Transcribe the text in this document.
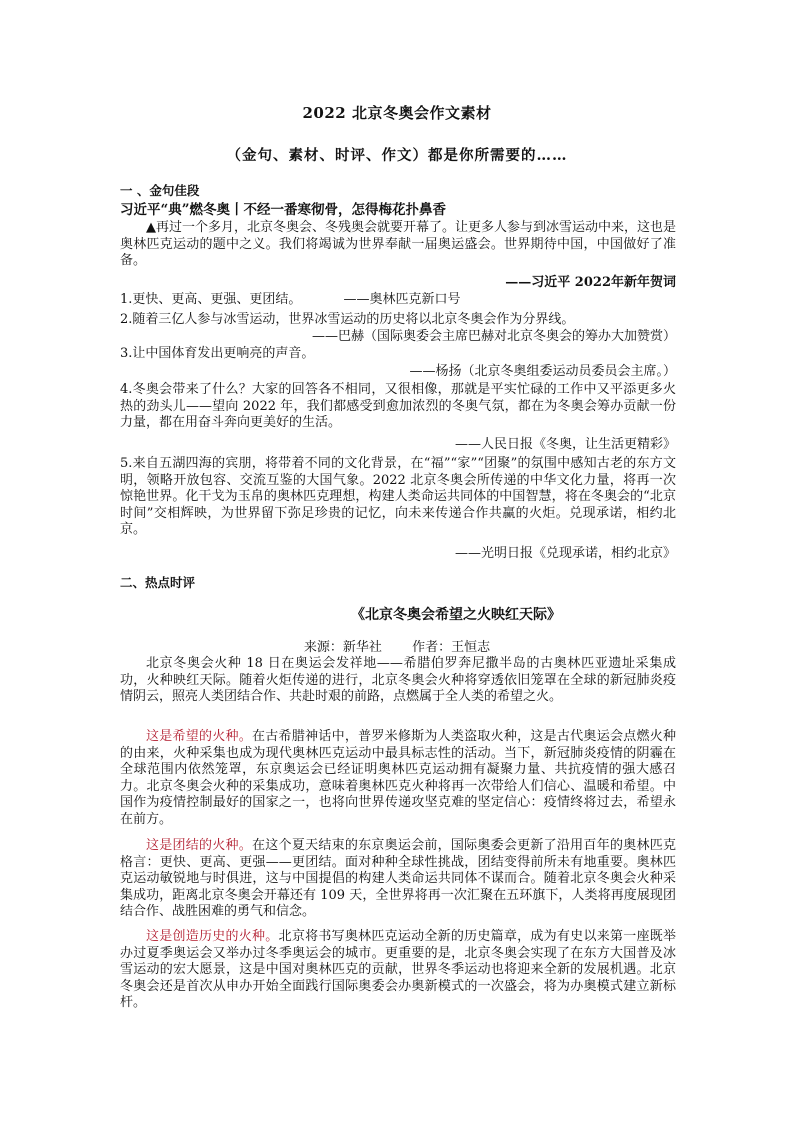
2022 北京冬奥会作文素材
（金句、素材、时评、作文）都是你所需要的……
一 、金句佳段
习近平“典”燃冬奥丨不经一番寒彻骨，怎得梅花扑鼻香
▲再过一个多月，北京冬奥会、冬残奥会就要开幕了。让更多人参与到冰雪运动中来，这也是奥林匹克运动的题中之义。我们将竭诚为世界奉献一届奥运盛会。世界期待中国，中国做好了准备。
——习近平 2022年新年贺词
1.更快、更高、更强、更团结。	——奥林匹克新口号
2.随着三亿人参与冰雪运动，世界冰雪运动的历史将以北京冬奥会作为分界线。
——巴赫（国际奥委会主席巴赫对北京冬奥会的筹办大加赞赏）
3.让中国体育发出更响亮的声音。
——杨扬（北京冬奥组委运动员委员会主席。）
4.冬奥会带来了什么？大家的回答各不相同，又很相像，那就是平实忙碌的工作中又平添更多火热的劲头儿——望向 2022 年，我们都感受到愈加浓烈的冬奥气氛，都在为冬奥会筹办贡献一份力量，都在用奋斗奔向更美好的生活。
——人民日报《冬奥，让生活更精彩》
5.来自五湖四海的宾朋，将带着不同的文化背景，在“福”“家”“团聚”的氛围中感知古老的东方文明，领略开放包容、交流互鉴的大国气象。2022 北京冬奥会所传递的中华文化力量，将再一次惊艳世界。化干戈为玉帛的奥林匹克理想，构建人类命运共同体的中国智慧，将在冬奥会的“北京时间”交相辉映，为世界留下弥足珍贵的记忆，向未来传递合作共赢的火炬。兑现承诺，相约北京。
——光明日报《兑现承诺，相约北京》
二、热点时评
《北京冬奥会希望之火映红天际》
来源：新华社 作者：王恒志
北京冬奥会火种 18 日在奥运会发祥地——希腊伯罗奔尼撒半岛的古奥林匹亚遗址采集成功，火种映红天际。随着火炬传递的进行，北京冬奥会火种将穿透依旧笼罩在全球的新冠肺炎疫情阴云，照亮人类团结合作、共赴时艰的前路，点燃属于全人类的希望之火。
这是希望的火种。在古希腊神话中，普罗米修斯为人类盗取火种，这是古代奥运会点燃火种的由来，火种采集也成为现代奥林匹克运动中最具标志性的活动。当下，新冠肺炎疫情的阴霾在全球范围内依然笼罩，东京奥运会已经证明奥林匹克运动拥有凝聚力量、共抗疫情的强大感召力。北京冬奥会火种的采集成功，意味着奥林匹克火种将再一次带给人们信心、温暖和希望。中国作为疫情控制最好的国家之一，也将向世界传递攻坚克难的坚定信心：疫情终将过去，希望永在前方。
这是团结的火种。在这个夏天结束的东京奥运会前，国际奥委会更新了沿用百年的奥林匹克格言：更快、更高、更强——更团结。面对种种全球性挑战，团结变得前所未有地重要。奥林匹克运动敏锐地与时俱进，这与中国提倡的构建人类命运共同体不谋而合。随着北京冬奥会火种采集成功，距离北京冬奥会开幕还有 109 天，全世界将再一次汇聚在五环旗下，人类将再度展现团结合作、战胜困难的勇气和信念。
这是创造历史的火种。北京将书写奥林匹克运动全新的历史篇章，成为有史以来第一座既举办过夏季奥运会又举办过冬季奥运会的城市。更重要的是，北京冬奥会实现了在东方大国普及冰雪运动的宏大愿景，这是中国对奥林匹克的贡献，世界冬季运动也将迎来全新的发展机遇。北京冬奥会还是首次从申办开始全面践行国际奥委会办奥新模式的一次盛会，将为办奥模式建立新标杆。
